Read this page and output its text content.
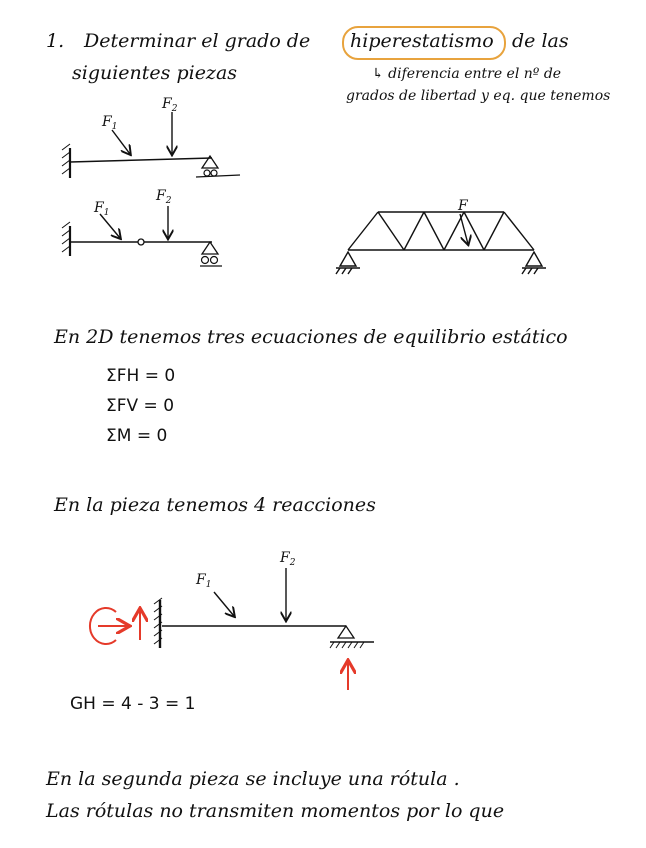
1. Determinar el grado de hiperestatismo de las
siguientes piezas	↳ diferencia entre el nº de
grados de libertad y eq. que tenemos
$F_1$
$F_2$
$F_1$
$F_2$	F
$F_1$
$F_2$
En 2D tenemos tres ecuaciones de equilibrio estático
ΣFH = 0
ΣFV = 0
ΣM = 0
En la pieza tenemos 4 reacciones
GH = 4 - 3 = 1
En la segunda pieza se incluye una rótula .
Las rótulas no transmiten momentos por lo que
